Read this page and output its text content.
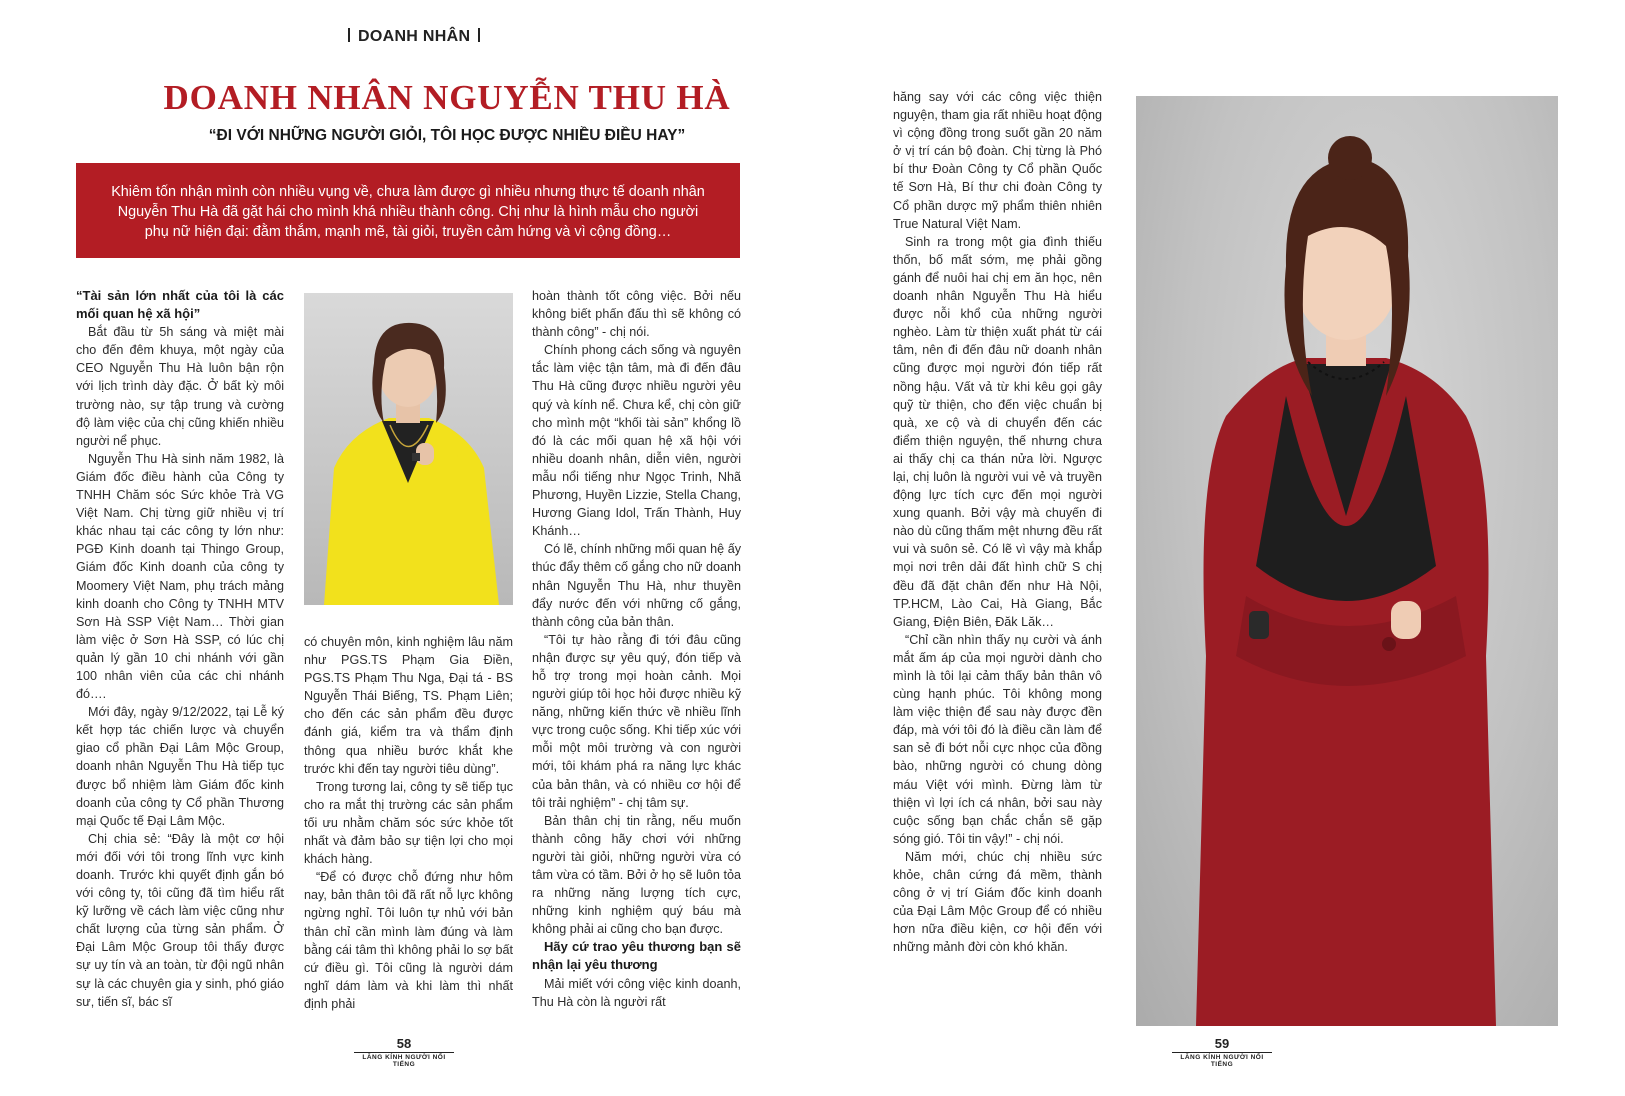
DOANH NHÂN
DOANH NHÂN NGUYỄN THU HÀ
“ĐI VỚI NHỮNG NGƯỜI GIỎI, TÔI HỌC ĐƯỢC NHIỀU ĐIỀU HAY”
Khiêm tốn nhận mình còn nhiều vụng về, chưa làm được gì nhiều nhưng thực tế doanh nhân Nguyễn Thu Hà đã gặt hái cho mình khá nhiều thành công. Chị như là hình mẫu cho người phụ nữ hiện đại: đằm thắm, mạnh mẽ, tài giỏi, truyền cảm hứng và vì cộng đồng…

“Tài sản lớn nhất của tôi là các mối quan hệ xã hội”

Bắt đầu từ 5h sáng và miệt mài cho đến đêm khuya, một ngày của CEO Nguyễn Thu Hà luôn bận rộn với lịch trình dày đặc. Ở bất kỳ môi trường nào, sự tập trung và cường độ làm việc của chị cũng khiến nhiều người nể phục.

Nguyễn Thu Hà sinh năm 1982, là Giám đốc điều hành của Công ty TNHH Chăm sóc Sức khỏe Trà VG Việt Nam. Chị từng giữ nhiều vị trí khác nhau tại các công ty lớn như: PGĐ Kinh doanh tại Thingo Group, Giám đốc Kinh doanh của công ty Moomery Việt Nam, phụ trách mảng kinh doanh cho Công ty TNHH MTV Sơn Hà SSP Việt Nam… Thời gian làm việc ở Sơn Hà SSP, có lúc chị quản lý gần 10 chi nhánh với gần 100 nhân viên của các chi nhánh đó….

Mới đây, ngày 9/12/2022, tại Lễ ký kết hợp tác chiến lược và chuyển giao cổ phần Đại Lâm Mộc Group, doanh nhân Nguyễn Thu Hà tiếp tục được bổ nhiệm làm Giám đốc kinh doanh của công ty Cổ phần Thương mại Quốc tế Đại Lâm Mộc.

Chị chia sẻ: “Đây là một cơ hội mới đối với tôi trong lĩnh vực kinh doanh. Trước khi quyết định gắn bó với công ty, tôi cũng đã tìm hiểu rất kỹ lưỡng về cách làm việc cũng như chất lượng của từng sản phẩm. Ở Đại Lâm Mộc Group tôi thấy được sự uy tín và an toàn, từ đội ngũ nhân sự là các chuyên gia y sinh, phó giáo sư, tiến sĩ, bác sĩ

có chuyên môn, kinh nghiệm lâu năm như PGS.TS Phạm Gia Điền, PGS.TS Phạm Thu Nga, Đại tá - BS Nguyễn Thái Biếng, TS. Phạm Liên; cho đến các sản phẩm đều được đánh giá, kiểm tra và thẩm định thông qua nhiều bước khắt khe trước khi đến tay người tiêu dùng”.

Trong tương lai, công ty sẽ tiếp tục cho ra mắt thị trường các sản phẩm tối ưu nhằm chăm sóc sức khỏe tốt nhất và đảm bảo sự tiện lợi cho mọi khách hàng.

“Để có được chỗ đứng như hôm nay, bản thân tôi đã rất nỗ lực không ngừng nghỉ. Tôi luôn tự nhủ với bản thân chỉ cần mình làm đúng và làm bằng cái tâm thì không phải lo sợ bất cứ điều gì. Tôi cũng là người dám nghĩ dám làm và khi làm thì nhất định phải

hoàn thành tốt công việc. Bởi nếu không biết phấn đấu thì sẽ không có thành công” - chị nói.

Chính phong cách sống và nguyên tắc làm việc tận tâm, mà đi đến đâu Thu Hà cũng được nhiều người yêu quý và kính nể. Chưa kể, chị còn giữ cho mình một “khối tài sản” khổng lồ đó là các mối quan hệ xã hội với nhiều doanh nhân, diễn viên, người mẫu nổi tiếng như Ngọc Trinh, Nhã Phương, Huyền Lizzie, Stella Chang, Hương Giang Idol, Trấn Thành, Huy Khánh…

Có lẽ, chính những mối quan hệ ấy thúc đẩy thêm cố gắng cho nữ doanh nhân Nguyễn Thu Hà, như thuyền đẩy nước đến với những cố gắng, thành công của bản thân.

“Tôi tự hào rằng đi tới đâu cũng nhận được sự yêu quý, đón tiếp và hỗ trợ trong mọi hoàn cảnh. Mọi người giúp tôi học hỏi được nhiều kỹ năng, những kiến thức về nhiều lĩnh vực trong cuộc sống. Khi tiếp xúc với mỗi một môi trường và con người mới, tôi khám phá ra năng lực khác của bản thân, và có nhiều cơ hội để tôi trải nghiệm” - chị tâm sự.

Bản thân chị tin rằng, nếu muốn thành công hãy chơi với những người tài giỏi, những người vừa có tâm vừa có tầm. Bởi ở họ sẽ luôn tỏa ra những năng lượng tích cực, những kinh nghiệm quý báu mà không phải ai cũng cho bạn được.

Hãy cứ trao yêu thương bạn sẽ nhận lại yêu thương

Mải miết với công việc kinh doanh, Thu Hà còn là người rất

hăng say với các công việc thiện nguyện, tham gia rất nhiều hoạt động vì cộng đồng trong suốt gần 20 năm ở vị trí cán bộ đoàn. Chị từng là Phó bí thư Đoàn Công ty Cổ phần Quốc tế Sơn Hà, Bí thư chi đoàn Công ty Cổ phần dược mỹ phẩm thiên nhiên True Natural Việt Nam.

Sinh ra trong một gia đình thiếu thốn, bố mất sớm, mẹ phải gồng gánh để nuôi hai chị em ăn học, nên doanh nhân Nguyễn Thu Hà hiểu được nỗi khổ của những người nghèo. Làm từ thiện xuất phát từ cái tâm, nên đi đến đâu nữ doanh nhân cũng được mọi người đón tiếp rất nồng hậu. Vất vả từ khi kêu gọi gây quỹ từ thiện, cho đến việc chuẩn bị quà, xe cộ và di chuyển đến các điểm thiện nguyện, thế nhưng chưa ai thấy chị ca thán nửa lời. Ngược lại, chị luôn là người vui vẻ và truyền động lực tích cực đến mọi người xung quanh. Bởi vậy mà chuyến đi nào dù cũng thấm mệt nhưng đều rất vui và suôn sẻ. Có lẽ vì vậy mà khắp mọi nơi trên dải đất hình chữ S chị đều đã đặt chân đến như Hà Nội, TP.HCM, Lào Cai, Hà Giang, Bắc Giang, Điện Biên, Đăk Lăk…

“Chỉ cần nhìn thấy nụ cười và ánh mắt ấm áp của mọi người dành cho mình là tôi lại cảm thấy bản thân vô cùng hạnh phúc. Tôi không mong làm việc thiện để sau này được đền đáp, mà với tôi đó là điều cần làm để san sẻ đi bớt nỗi cực nhọc của đồng bào, những người có chung dòng máu Việt với mình. Đừng làm từ thiện vì lợi ích cá nhân, bởi sau này cuộc sống bạn chắc chắn sẽ gặp sóng gió. Tôi tin vậy!” - chị nói.

Năm mới, chúc chị nhiều sức khỏe, chân cứng đá mềm, thành công ở vị trí Giám đốc kinh doanh của Đại Lâm Mộc Group để có nhiều hơn nữa điều kiện, cơ hội đến với những mảnh đời còn khó khăn.

58
LĂNG KÍNH NGƯỜI NỔI TIẾNG
59
LĂNG KÍNH NGƯỜI NỔI TIẾNG
